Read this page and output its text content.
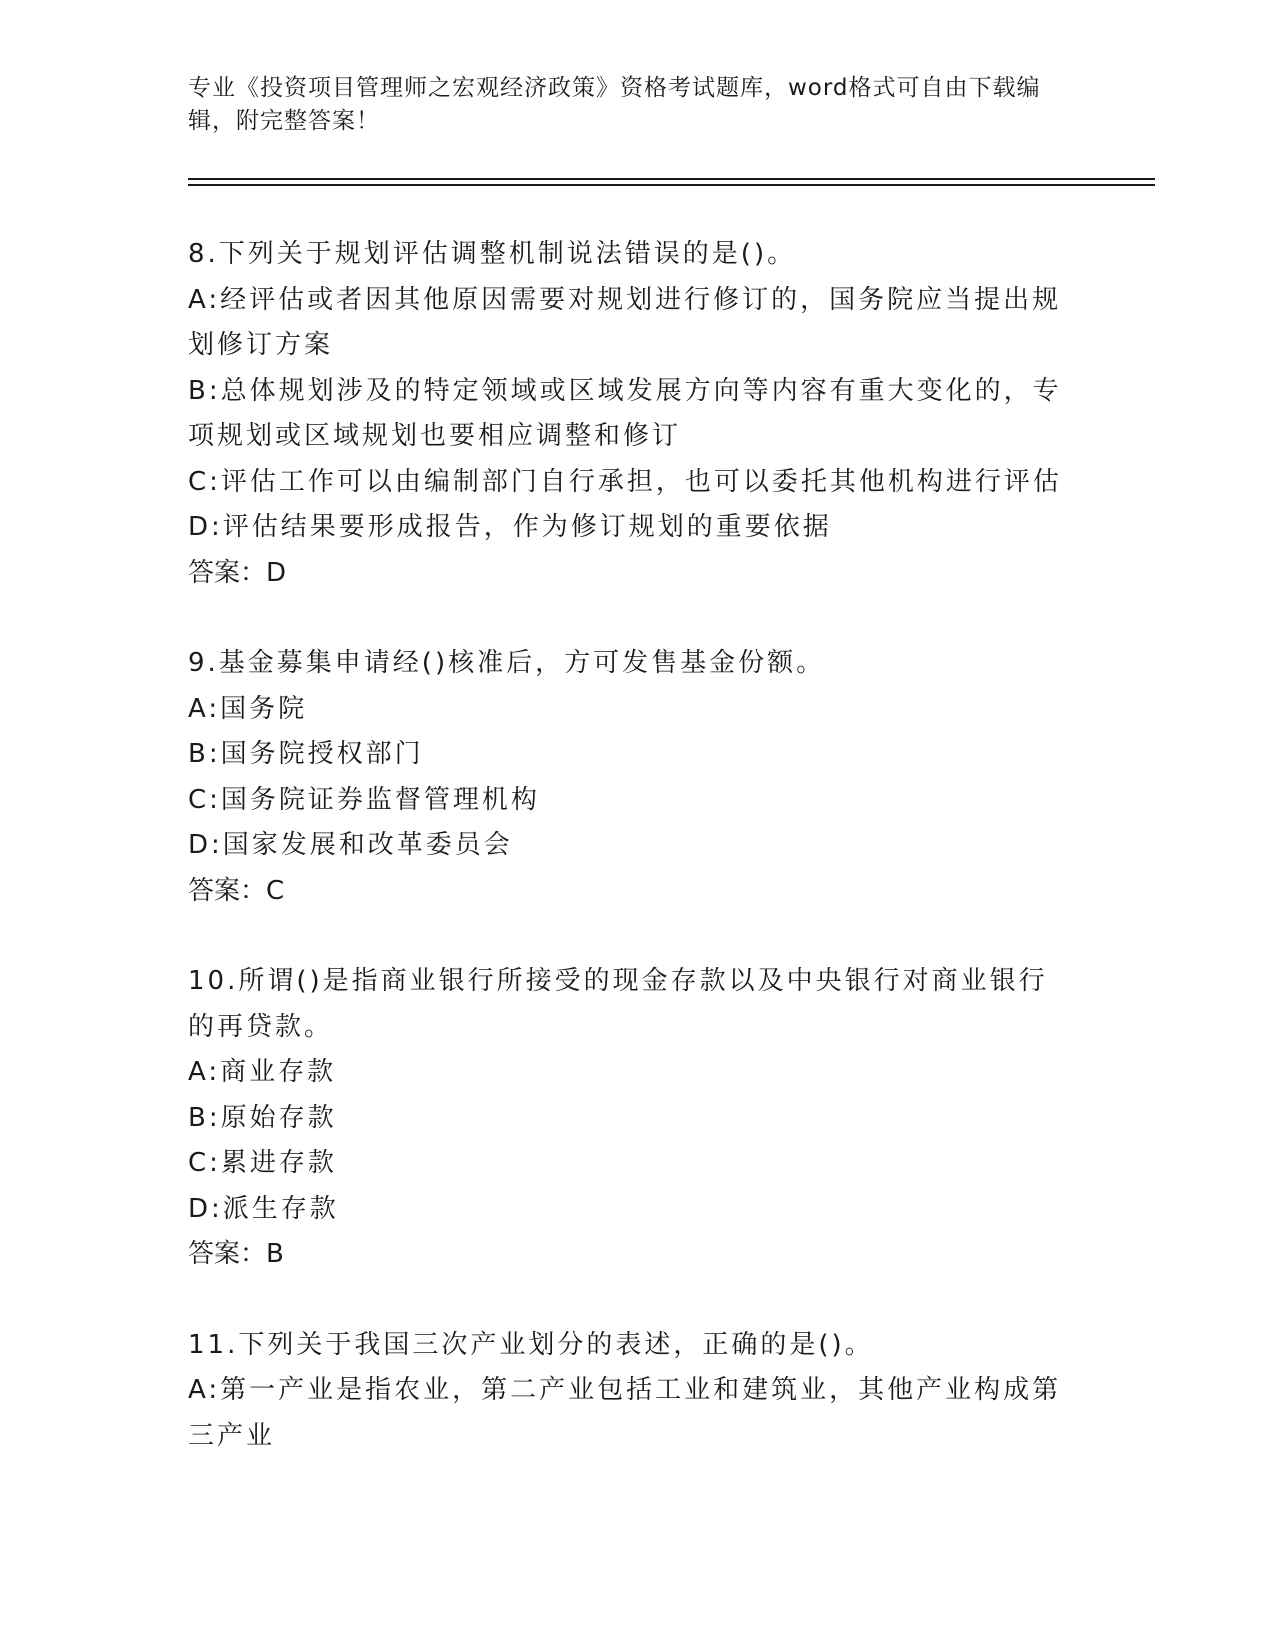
专业《投资项目管理师之宏观经济政策》资格考试题库，word格式可自由下载编辑，附完整答案！
8.下列关于规划评估调整机制说法错误的是()。
A:经评估或者因其他原因需要对规划进行修订的，国务院应当提出规划修订方案
B:总体规划涉及的特定领域或区域发展方向等内容有重大变化的，专项规划或区域规划也要相应调整和修订
C:评估工作可以由编制部门自行承担，也可以委托其他机构进行评估
D:评估结果要形成报告，作为修订规划的重要依据
答案：D
9.基金募集申请经()核准后，方可发售基金份额。
A:国务院
B:国务院授权部门
C:国务院证券监督管理机构
D:国家发展和改革委员会
答案：C
10.所谓()是指商业银行所接受的现金存款以及中央银行对商业银行的再贷款。
A:商业存款
B:原始存款
C:累进存款
D:派生存款
答案：B
11.下列关于我国三次产业划分的表述，正确的是()。
A:第一产业是指农业，第二产业包括工业和建筑业，其他产业构成第三产业
